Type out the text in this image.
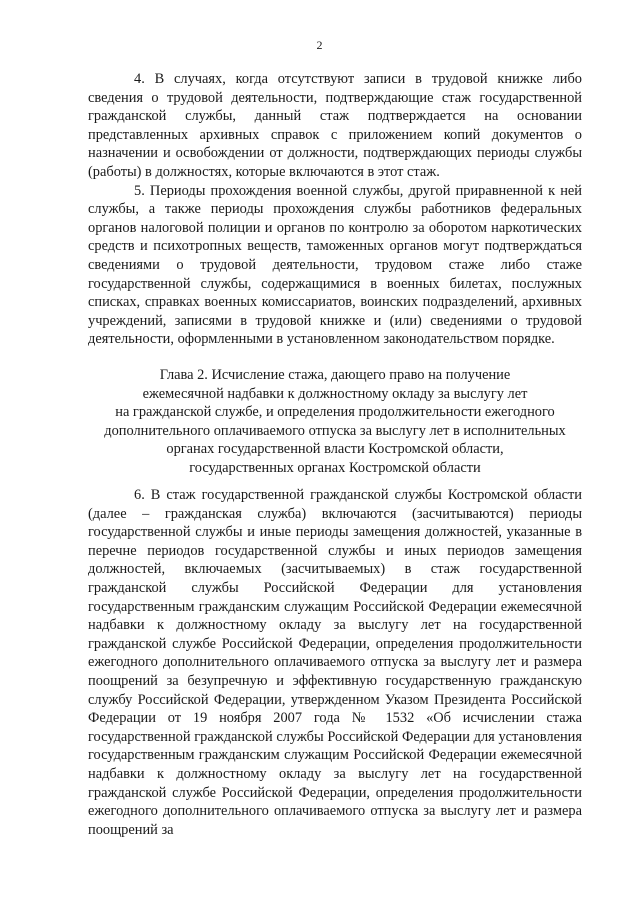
2

4. В случаях, когда отсутствуют записи в трудовой книжке либо сведения о трудовой деятельности, подтверждающие стаж государственной гражданской службы, данный стаж подтверждается на основании представленных архивных справок с приложением копий документов о назначении и освобождении от должности, подтверждающих периоды службы (работы) в должностях, которые включаются в этот стаж.

5. Периоды прохождения военной службы, другой приравненной к ней службы, а также периоды прохождения службы работников федеральных органов налоговой полиции и органов по контролю за оборотом наркотических средств и психотропных веществ, таможенных органов могут подтверждаться сведениями о трудовой деятельности, трудовом стаже либо стаже государственной службы, содержащимися в военных билетах, послужных списках, справках военных комиссариатов, воинских подразделений, архивных учреждений, записями в трудовой книжке и (или) сведениями о трудовой деятельности, оформленными в установленном законодательством порядке.

Глава 2. Исчисление стажа, дающего право на получение
ежемесячной надбавки к должностному окладу за выслугу лет
на гражданской службе, и определения продолжительности ежегодного
дополнительного оплачиваемого отпуска за выслугу лет в исполнительных
органах государственной власти Костромской области,
государственных органах Костромской области

6. В стаж государственной гражданской службы Костромской области (далее – гражданская служба) включаются (засчитываются) периоды государственной службы и иные периоды замещения должностей, указанные в перечне периодов государственной службы и иных периодов замещения должностей, включаемых (засчитываемых) в стаж государственной гражданской службы Российской Федерации для установления государственным гражданским служащим Российской Федерации ежемесячной надбавки к должностному окладу за выслугу лет на государственной гражданской службе Российской Федерации, определения продолжительности ежегодного дополнительного оплачиваемого отпуска за выслугу лет и размера поощрений за безупречную и эффективную государственную гражданскую службу Российской Федерации, утвержденном Указом Президента Российской Федерации от 19 ноября 2007 года № 1532 «Об исчислении стажа государственной гражданской службы Российской Федерации для установления государственным гражданским служащим Российской Федерации ежемесячной надбавки к должностному окладу за выслугу лет на государственной гражданской службе Российской Федерации, определения продолжительности ежегодного дополнительного оплачиваемого отпуска за выслугу лет и размера поощрений за
